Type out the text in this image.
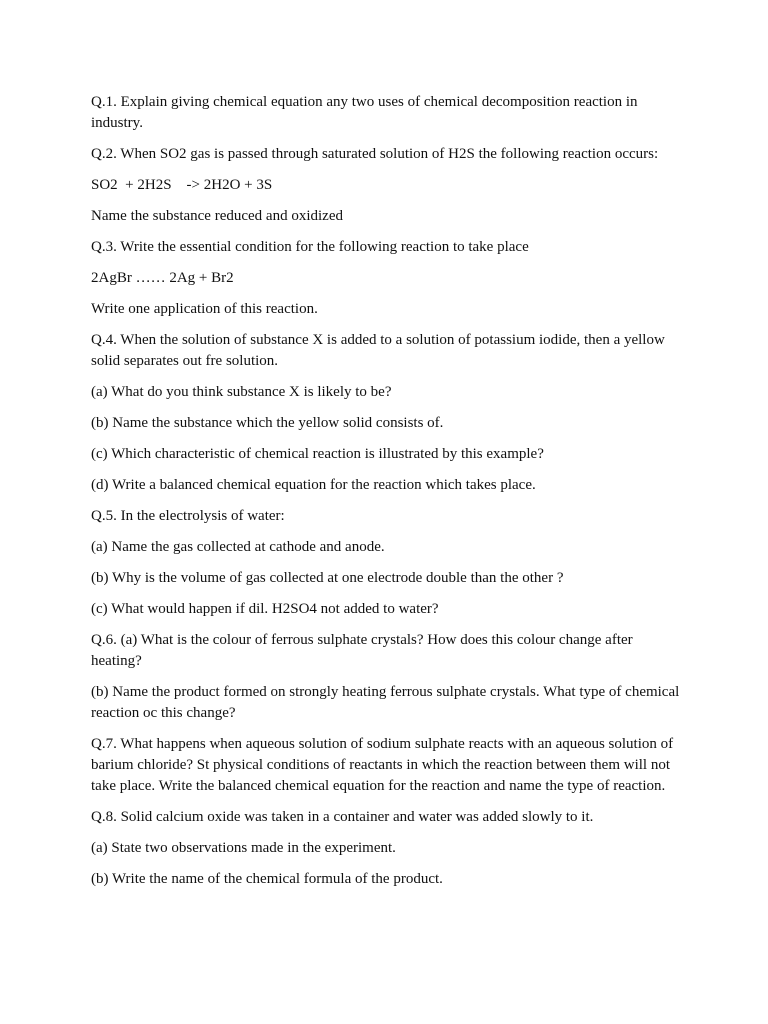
Q.1. Explain giving chemical equation any two uses of chemical decomposition reaction in industry.

Q.2. When SO2 gas is passed through saturated solution of H2S the following reaction occurs:

SO2  + 2H2S    -> 2H2O + 3S

Name the substance reduced and oxidized

Q.3. Write the essential condition for the following reaction to take place

2AgBr …… 2Ag + Br2

Write one application of this reaction.

Q.4. When the solution of substance X is added to a solution of potassium iodide, then a yellow solid separates out fre solution.

(a) What do you think substance X is likely to be?

(b) Name the substance which the yellow solid consists of.

(c) Which characteristic of chemical reaction is illustrated by this example?

(d) Write a balanced chemical equation for the reaction which takes place.

Q.5. In the electrolysis of water:

(a) Name the gas collected at cathode and anode.

(b) Why is the volume of gas collected at one electrode double than the other ?

(c) What would happen if dil. H2SO4 not added to water?

Q.6. (a) What is the colour of ferrous sulphate crystals? How does this colour change after heating?

(b) Name the product formed on strongly heating ferrous sulphate crystals. What type of chemical reaction oc this change?

Q.7. What happens when aqueous solution of sodium sulphate reacts with an aqueous solution of barium chloride? St physical conditions of reactants in which the reaction between them will not take place. Write the balanced chemical equation for the reaction and name the type of reaction.

Q.8. Solid calcium oxide was taken in a container and water was added slowly to it.

(a) State two observations made in the experiment.

(b) Write the name of the chemical formula of the product.
